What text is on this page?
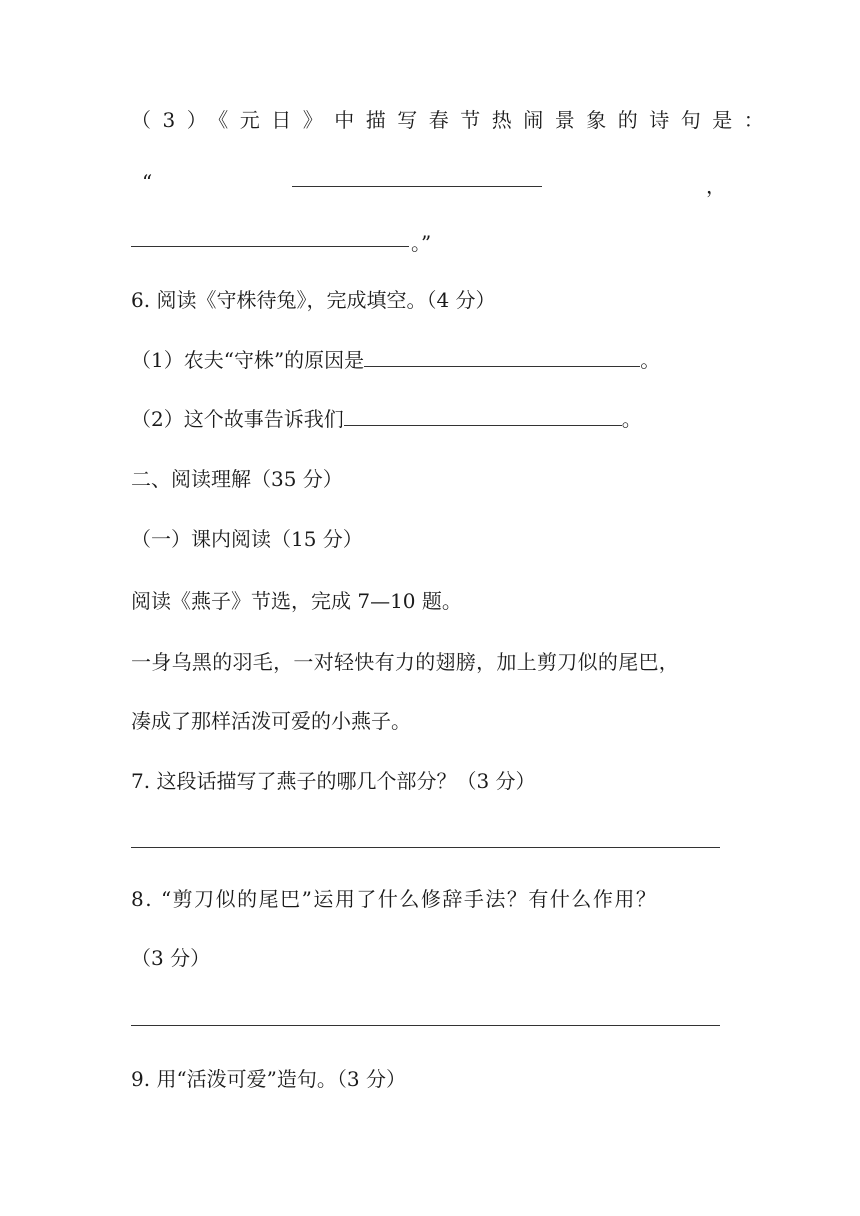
（3）《元日》中描写春节热闹景象的诗句是：
“	，
。”
6. 阅读《守株待兔》，完成填空。（4 分）
（1）农夫“守株”的原因是	。
（2）这个故事告诉我们	。
二、阅读理解（35 分）
（一）课内阅读（15 分）
阅读《燕子》节选，完成 7—10 题。
一身乌黑的羽毛，一对轻快有力的翅膀，加上剪刀似的尾巴，
凑成了那样活泼可爱的小燕子。
7. 这段话描写了燕子的哪几个部分？（3 分）
8. “剪刀似的尾巴”运用了什么修辞手法？有什么作用？
（3 分）
9. 用“活泼可爱”造句。（3 分）
